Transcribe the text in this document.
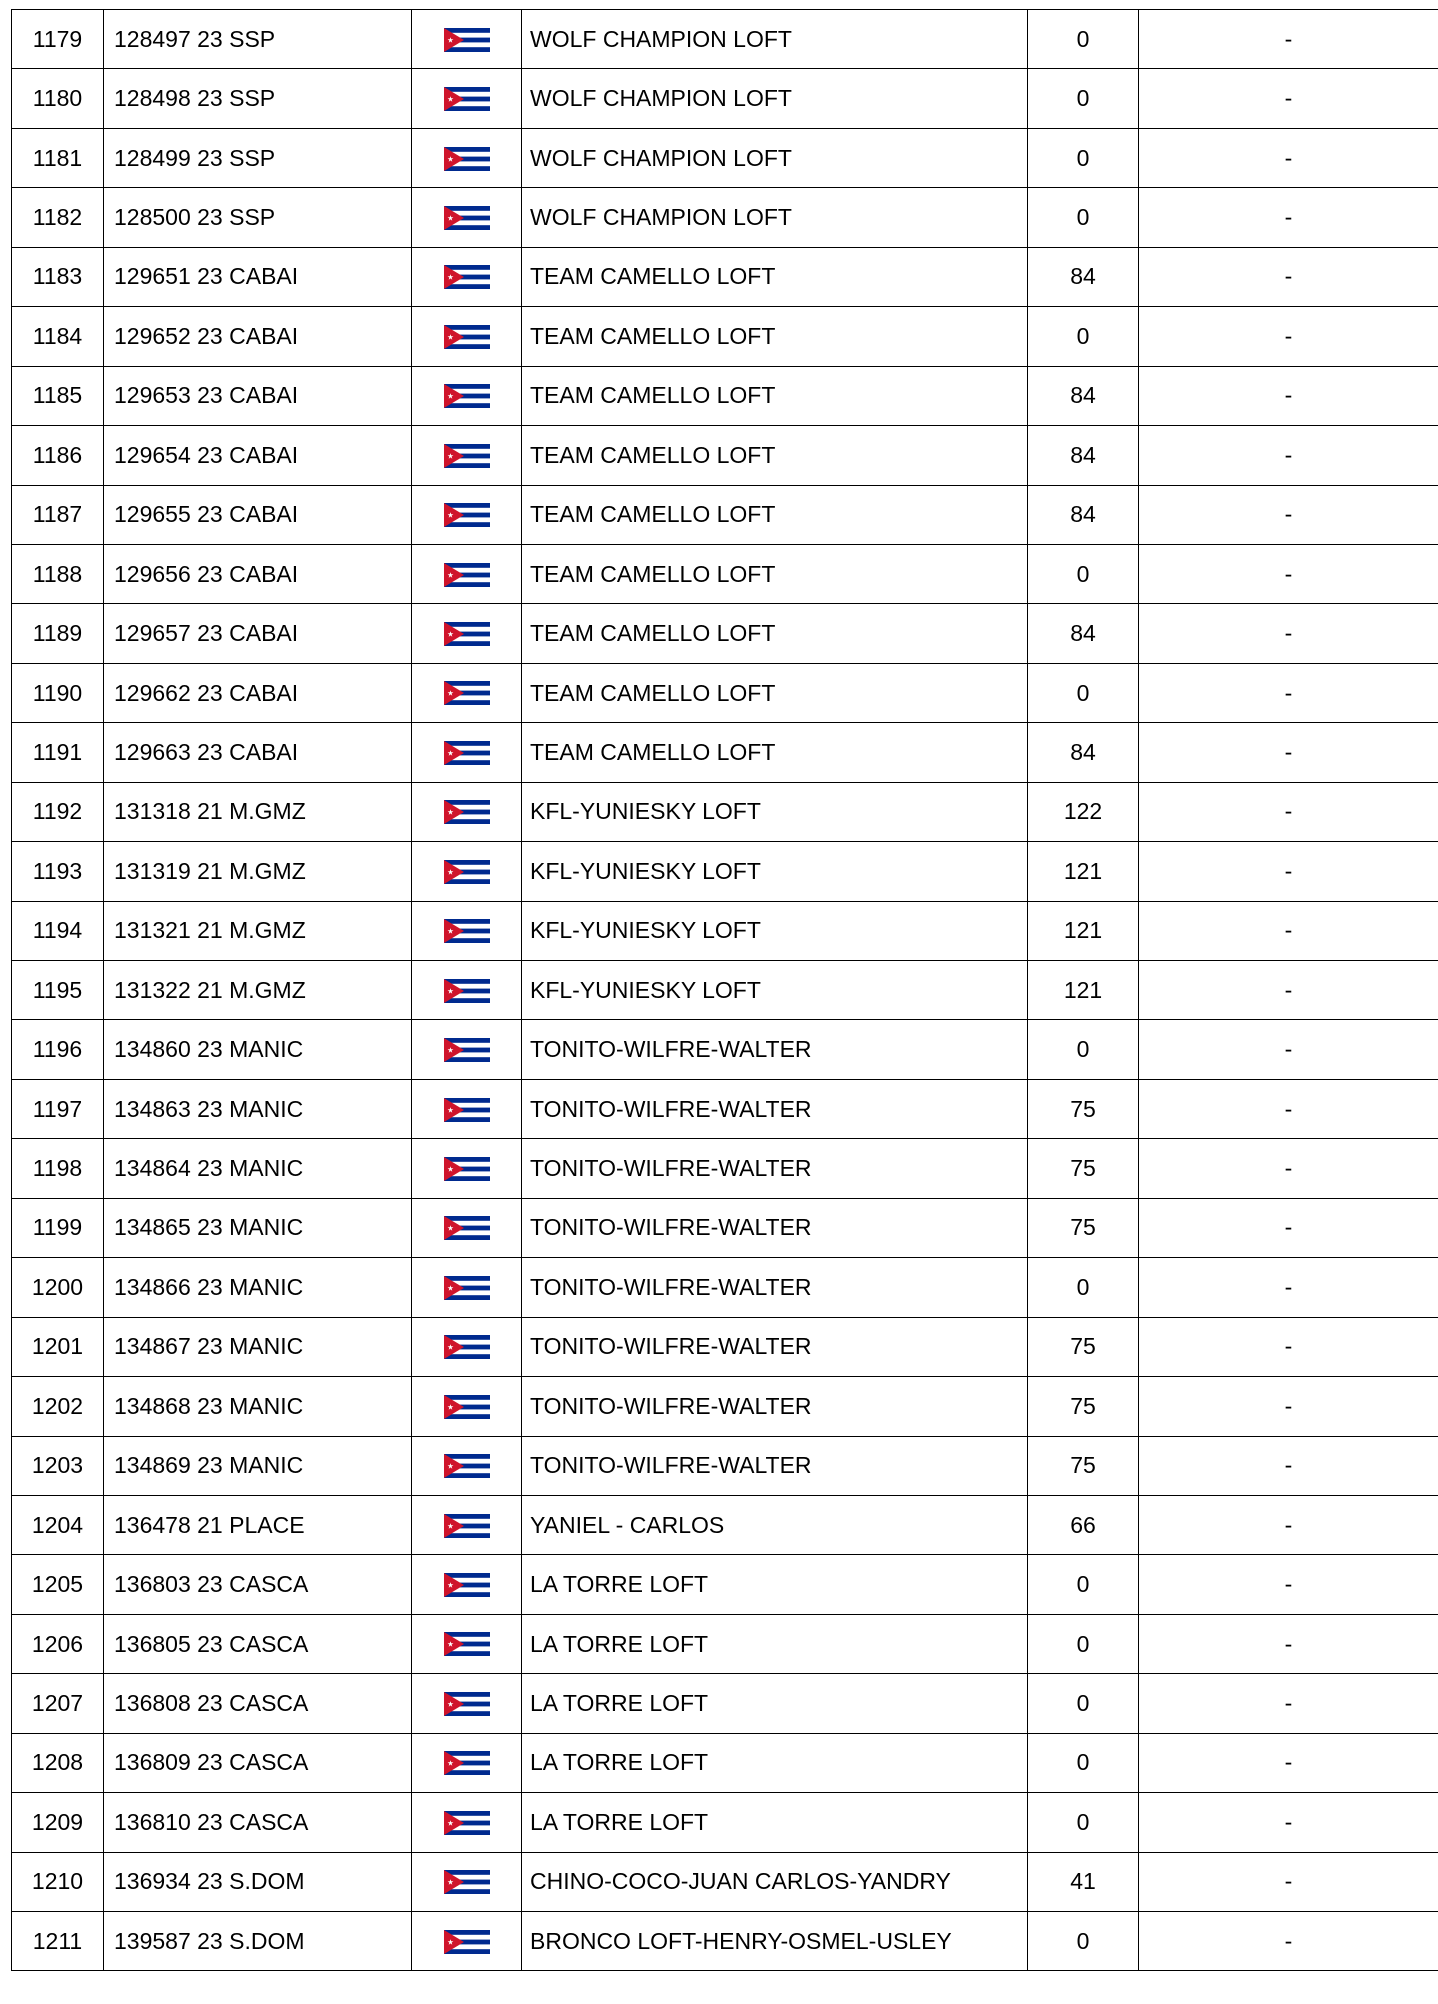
1179	128497 23 SSP		WOLF CHAMPION LOFT	0	-
1180	128498 23 SSP		WOLF CHAMPION LOFT	0	-
1181	128499 23 SSP		WOLF CHAMPION LOFT	0	-
1182	128500 23 SSP		WOLF CHAMPION LOFT	0	-
1183	129651 23 CABAI		TEAM CAMELLO LOFT	84	-
1184	129652 23 CABAI		TEAM CAMELLO LOFT	0	-
1185	129653 23 CABAI		TEAM CAMELLO LOFT	84	-
1186	129654 23 CABAI		TEAM CAMELLO LOFT	84	-
1187	129655 23 CABAI		TEAM CAMELLO LOFT	84	-
1188	129656 23 CABAI		TEAM CAMELLO LOFT	0	-
1189	129657 23 CABAI		TEAM CAMELLO LOFT	84	-
1190	129662 23 CABAI		TEAM CAMELLO LOFT	0	-
1191	129663 23 CABAI		TEAM CAMELLO LOFT	84	-
1192	131318 21 M.GMZ		KFL-YUNIESKY LOFT	122	-
1193	131319 21 M.GMZ		KFL-YUNIESKY LOFT	121	-
1194	131321 21 M.GMZ		KFL-YUNIESKY LOFT	121	-
1195	131322 21 M.GMZ		KFL-YUNIESKY LOFT	121	-
1196	134860 23 MANIC		TONITO-WILFRE-WALTER	0	-
1197	134863 23 MANIC		TONITO-WILFRE-WALTER	75	-
1198	134864 23 MANIC		TONITO-WILFRE-WALTER	75	-
1199	134865 23 MANIC		TONITO-WILFRE-WALTER	75	-
1200	134866 23 MANIC		TONITO-WILFRE-WALTER	0	-
1201	134867 23 MANIC		TONITO-WILFRE-WALTER	75	-
1202	134868 23 MANIC		TONITO-WILFRE-WALTER	75	-
1203	134869 23 MANIC		TONITO-WILFRE-WALTER	75	-
1204	136478 21 PLACE		YANIEL - CARLOS	66	-
1205	136803 23 CASCA		LA TORRE LOFT	0	-
1206	136805 23 CASCA		LA TORRE LOFT	0	-
1207	136808 23 CASCA		LA TORRE LOFT	0	-
1208	136809 23 CASCA		LA TORRE LOFT	0	-
1209	136810 23 CASCA		LA TORRE LOFT	0	-
1210	136934 23 S.DOM		CHINO-COCO-JUAN CARLOS-YANDRY	41	-
1211	139587 23 S.DOM		BRONCO LOFT-HENRY-OSMEL-USLEY	0	-
